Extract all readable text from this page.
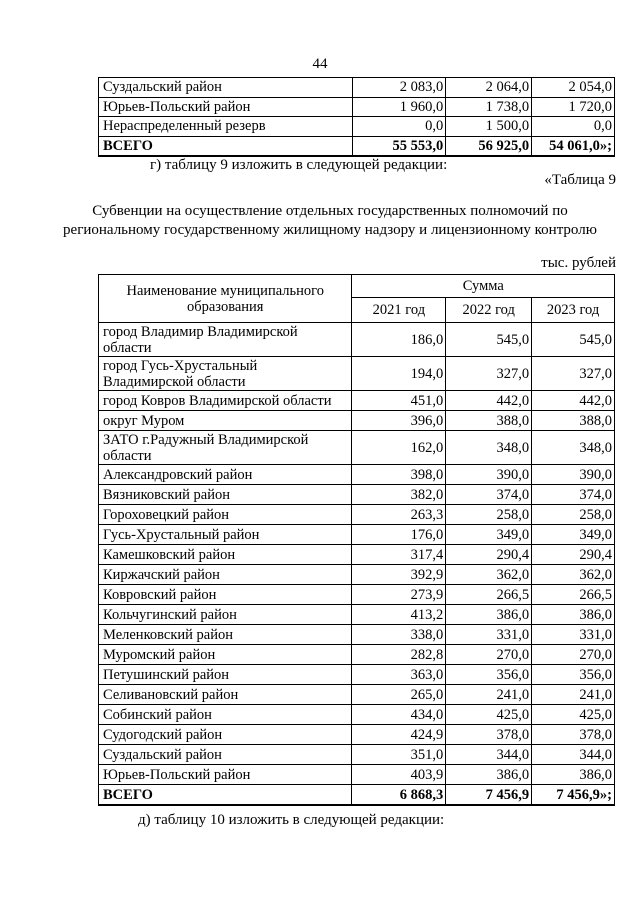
44
Суздальский район	2 083,0	2 064,0	2 054,0
Юрьев-Польский район	1 960,0	1 738,0	1 720,0
Нераспределенный резерв	0,0	1 500,0	0,0
ВСЕГО	55 553,0	56 925,0	54 061,0»;
г) таблицу 9 изложить в следующей редакции:
«Таблица 9
Субвенции на осуществление отдельных государственных полномочий по региональному государственному жилищному надзору и лицензионному контролю
тыс. рублей
Наименование муниципального образования	Сумма		
	2021 год	2022 год	2023 год
город Владимир Владимирской области	186,0	545,0	545,0
город Гусь-Хрустальный Владимирской области	194,0	327,0	327,0
город Ковров Владимирской области	451,0	442,0	442,0
округ Муром	396,0	388,0	388,0
ЗАТО г.Радужный Владимирской области	162,0	348,0	348,0
Александровский район	398,0	390,0	390,0
Вязниковский район	382,0	374,0	374,0
Гороховецкий район	263,3	258,0	258,0
Гусь-Хрустальный район	176,0	349,0	349,0
Камешковский район	317,4	290,4	290,4
Киржачский район	392,9	362,0	362,0
Ковровский район	273,9	266,5	266,5
Кольчугинский район	413,2	386,0	386,0
Меленковский район	338,0	331,0	331,0
Муромский район	282,8	270,0	270,0
Петушинский район	363,0	356,0	356,0
Селивановский район	265,0	241,0	241,0
Собинский район	434,0	425,0	425,0
Судогодский район	424,9	378,0	378,0
Суздальский район	351,0	344,0	344,0
Юрьев-Польский район	403,9	386,0	386,0
ВСЕГО	6 868,3	7 456,9	7 456,9»;
д) таблицу 10 изложить в следующей редакции:
